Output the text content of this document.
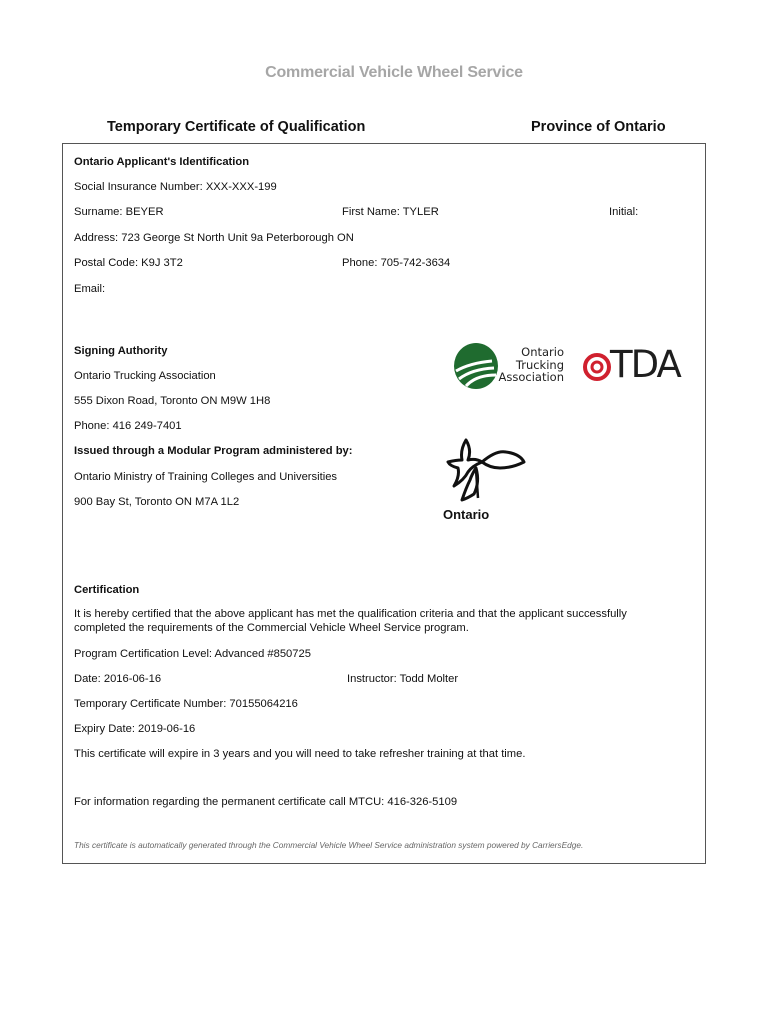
Commercial Vehicle Wheel Service
Temporary Certificate of Qualification	Province of Ontario
Ontario Applicant's Identification
Social Insurance Number: XXX-XXX-199
Surname: BEYER	First Name: TYLER	Initial:
Address: 723 George St North Unit 9a Peterborough ON
Postal Code: K9J 3T2	Phone: 705-742-3634
Email:
Signing Authority
Ontario Trucking Association
555 Dixon Road, Toronto ON M9W 1H8
Phone: 416 249-7401
Issued through a Modular Program administered by:
Ontario Ministry of Training Colleges and Universities
900 Bay St, Toronto ON M7A 1L2
Ontario
Trucking
Association TDA
Ontario
Certification
It is hereby certified that the above applicant has met the qualification criteria and that the applicant successfully completed the requirements of the Commercial Vehicle Wheel Service program.
Program Certification Level: Advanced #850725
Date: 2016-06-16	Instructor: Todd Molter
Temporary Certificate Number: 70155064216
Expiry Date: 2019-06-16
This certificate will expire in 3 years and you will need to take refresher training at that time.
For information regarding the permanent certificate call MTCU: 416-326-5109
This certificate is automatically generated through the Commercial Vehicle Wheel Service administration system powered by CarriersEdge.
